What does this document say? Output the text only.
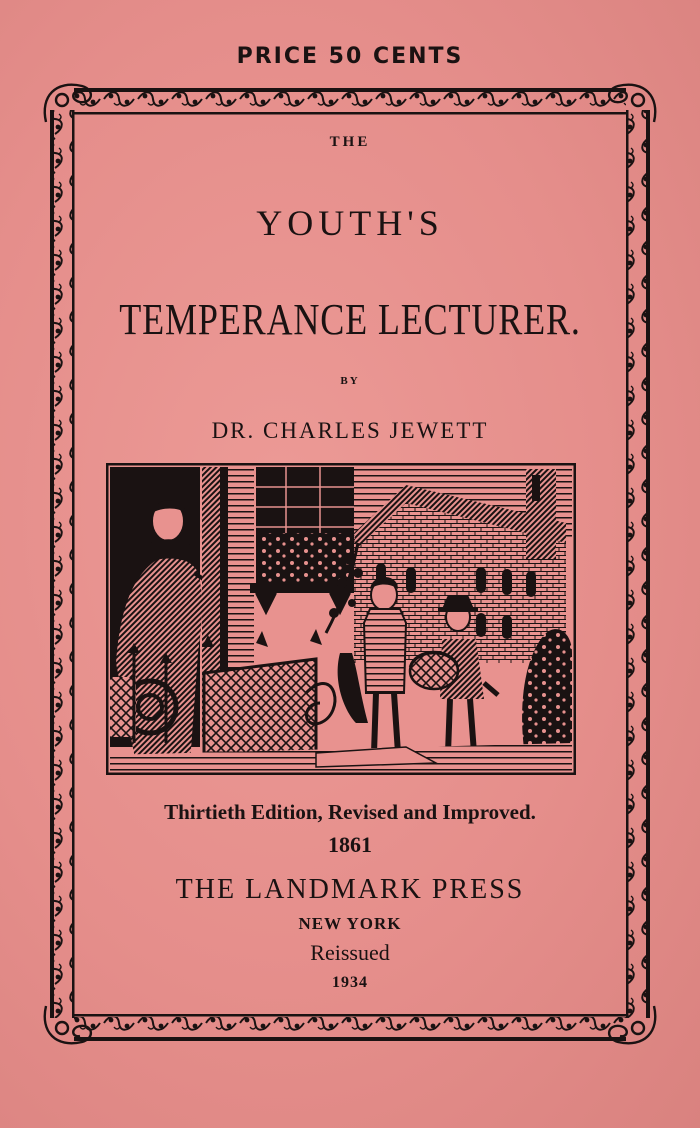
PRICE 50 CENTS
THE
YOUTH'S
TEMPERANCE LECTURER.
BY
DR. CHARLES JEWETT
Thirtieth Edition, Revised and Improved.
1861
THE LANDMARK PRESS
NEW YORK
Reissued
1934
